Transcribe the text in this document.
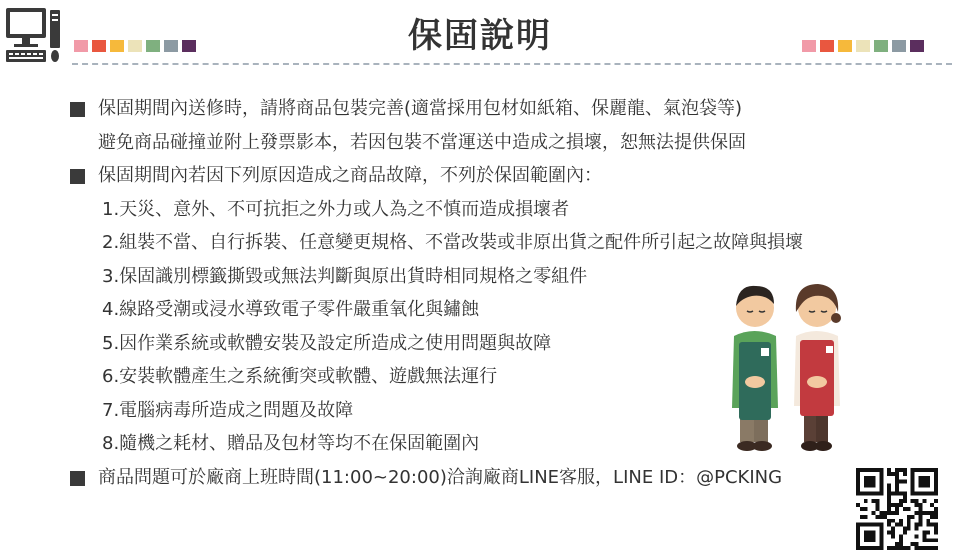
保固說明
保固期間內送修時，請將商品包裝完善(適當採用包材如紙箱、保麗龍、氣泡袋等)
避免商品碰撞並附上發票影本，若因包裝不當運送中造成之損壞，恕無法提供保固
保固期間內若因下列原因造成之商品故障，不列於保固範圍內：
1.天災、意外、不可抗拒之外力或人為之不慎而造成損壞者
2.組裝不當、自行拆裝、任意變更規格、不當改裝或非原出貨之配件所引起之故障與損壞
3.保固識別標籤撕毀或無法判斷與原出貨時相同規格之零組件
4.線路受潮或浸水導致電子零件嚴重氧化與鏽蝕
5.因作業系統或軟體安裝及設定所造成之使用問題與故障
6.安裝軟體產生之系統衝突或軟體、遊戲無法運行
7.電腦病毒所造成之問題及故障
8.隨機之耗材、贈品及包材等均不在保固範圍內
商品問題可於廠商上班時間(11:00~20:00)洽詢廠商LINE客服，LINE ID：@PCKING
